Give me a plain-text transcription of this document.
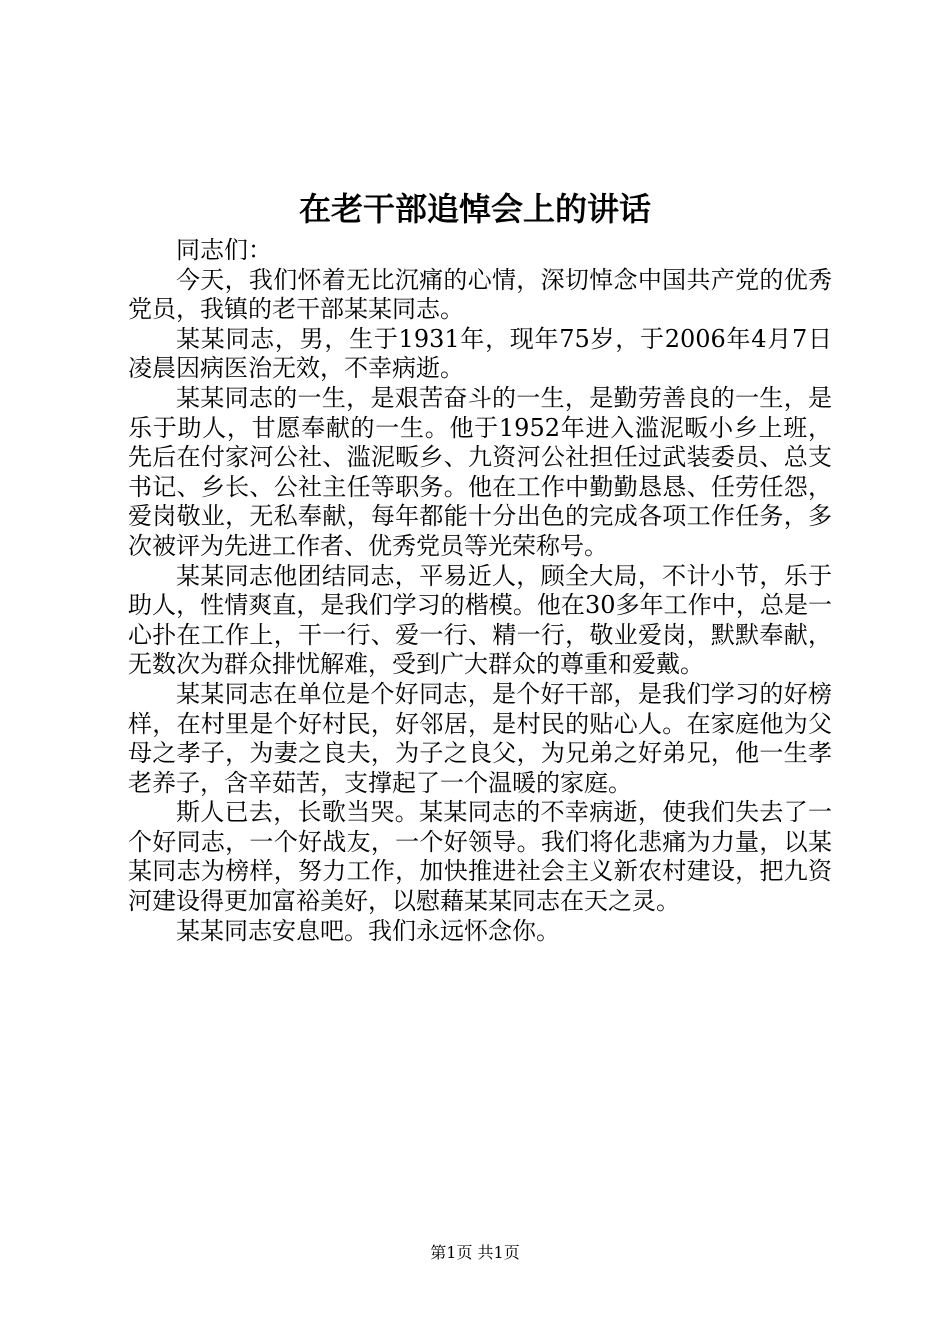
在老干部追悼会上的讲话

同志们：

今天，我们怀着无比沉痛的心情，深切悼念中国共产党的优秀党员，我镇的老干部某某同志。

某某同志，男，生于1931年，现年75岁，于2006年4月7日凌晨因病医治无效，不幸病逝。

某某同志的一生，是艰苦奋斗的一生，是勤劳善良的一生，是乐于助人，甘愿奉献的一生。他于1952年进入滥泥畈小乡上班，先后在付家河公社、滥泥畈乡、九资河公社担任过武装委员、总支书记、乡长、公社主任等职务。他在工作中勤勤恳恳、任劳任怨，爱岗敬业，无私奉献，每年都能十分出色的完成各项工作任务，多次被评为先进工作者、优秀党员等光荣称号。

某某同志他团结同志，平易近人，顾全大局，不计小节，乐于助人，性情爽直，是我们学习的楷模。他在30多年工作中，总是一心扑在工作上，干一行、爱一行、精一行，敬业爱岗，默默奉献，无数次为群众排忧解难，受到广大群众的尊重和爱戴。

某某同志在单位是个好同志，是个好干部，是我们学习的好榜样，在村里是个好村民，好邻居，是村民的贴心人。在家庭他为父母之孝子，为妻之良夫，为子之良父，为兄弟之好弟兄，他一生孝老养子，含辛茹苦，支撑起了一个温暖的家庭。

斯人已去，长歌当哭。某某同志的不幸病逝，使我们失去了一个好同志，一个好战友，一个好领导。我们将化悲痛为力量，以某某同志为榜样，努力工作，加快推进社会主义新农村建设，把九资河建设得更加富裕美好，以慰藉某某同志在天之灵。

某某同志安息吧。我们永远怀念你。

第1页 共1页
